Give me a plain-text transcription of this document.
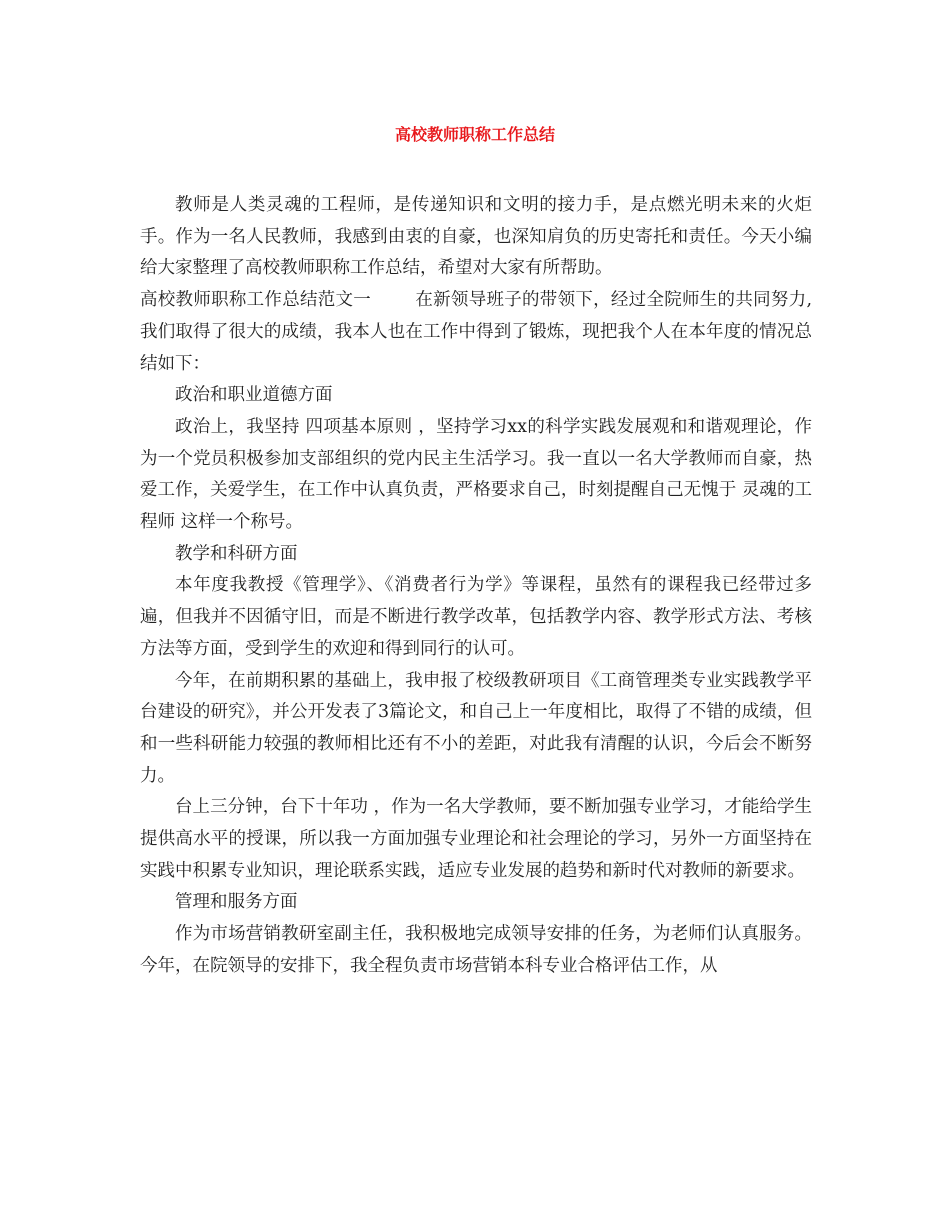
高校教师职称工作总结

教师是人类灵魂的工程师，是传递知识和文明的接力手，是点燃光明未来的火炬手。作为一名人民教师，我感到由衷的自豪，也深知肩负的历史寄托和责任。今天小编给大家整理了高校教师职称工作总结，希望对大家有所帮助。

高校教师职称工作总结范文一	在新领导班子的带领下，经过全院师生的共同努力,我们取得了很大的成绩，我本人也在工作中得到了锻炼，现把我个人在本年度的情况总结如下：

政治和职业道德方面

政治上，我坚持 四项基本原则 ，坚持学习xx的科学实践发展观和和谐观理论，作为一个党员积极参加支部组织的党内民主生活学习。我一直以一名大学教师而自豪，热爱工作，关爱学生，在工作中认真负责，严格要求自己，时刻提醒自己无愧于 灵魂的工程师 这样一个称号。

教学和科研方面

本年度我教授《管理学》、《消费者行为学》等课程，虽然有的课程我已经带过多遍，但我并不因循守旧，而是不断进行教学改革，包括教学内容、教学形式方法、考核方法等方面，受到学生的欢迎和得到同行的认可。

今年，在前期积累的基础上，我申报了校级教研项目《工商管理类专业实践教学平台建设的研究》，并公开发表了3篇论文，和自己上一年度相比，取得了不错的成绩，但和一些科研能力较强的教师相比还有不小的差距，对此我有清醒的认识，今后会不断努力。

台上三分钟，台下十年功 ，作为一名大学教师，要不断加强专业学习，才能给学生提供高水平的授课，所以我一方面加强专业理论和社会理论的学习，另外一方面坚持在实践中积累专业知识，理论联系实践，适应专业发展的趋势和新时代对教师的新要求。

管理和服务方面

作为市场营销教研室副主任，我积极地完成领导安排的任务，为老师们认真服务。今年，在院领导的安排下，我全程负责市场营销本科专业合格评估工作，从
